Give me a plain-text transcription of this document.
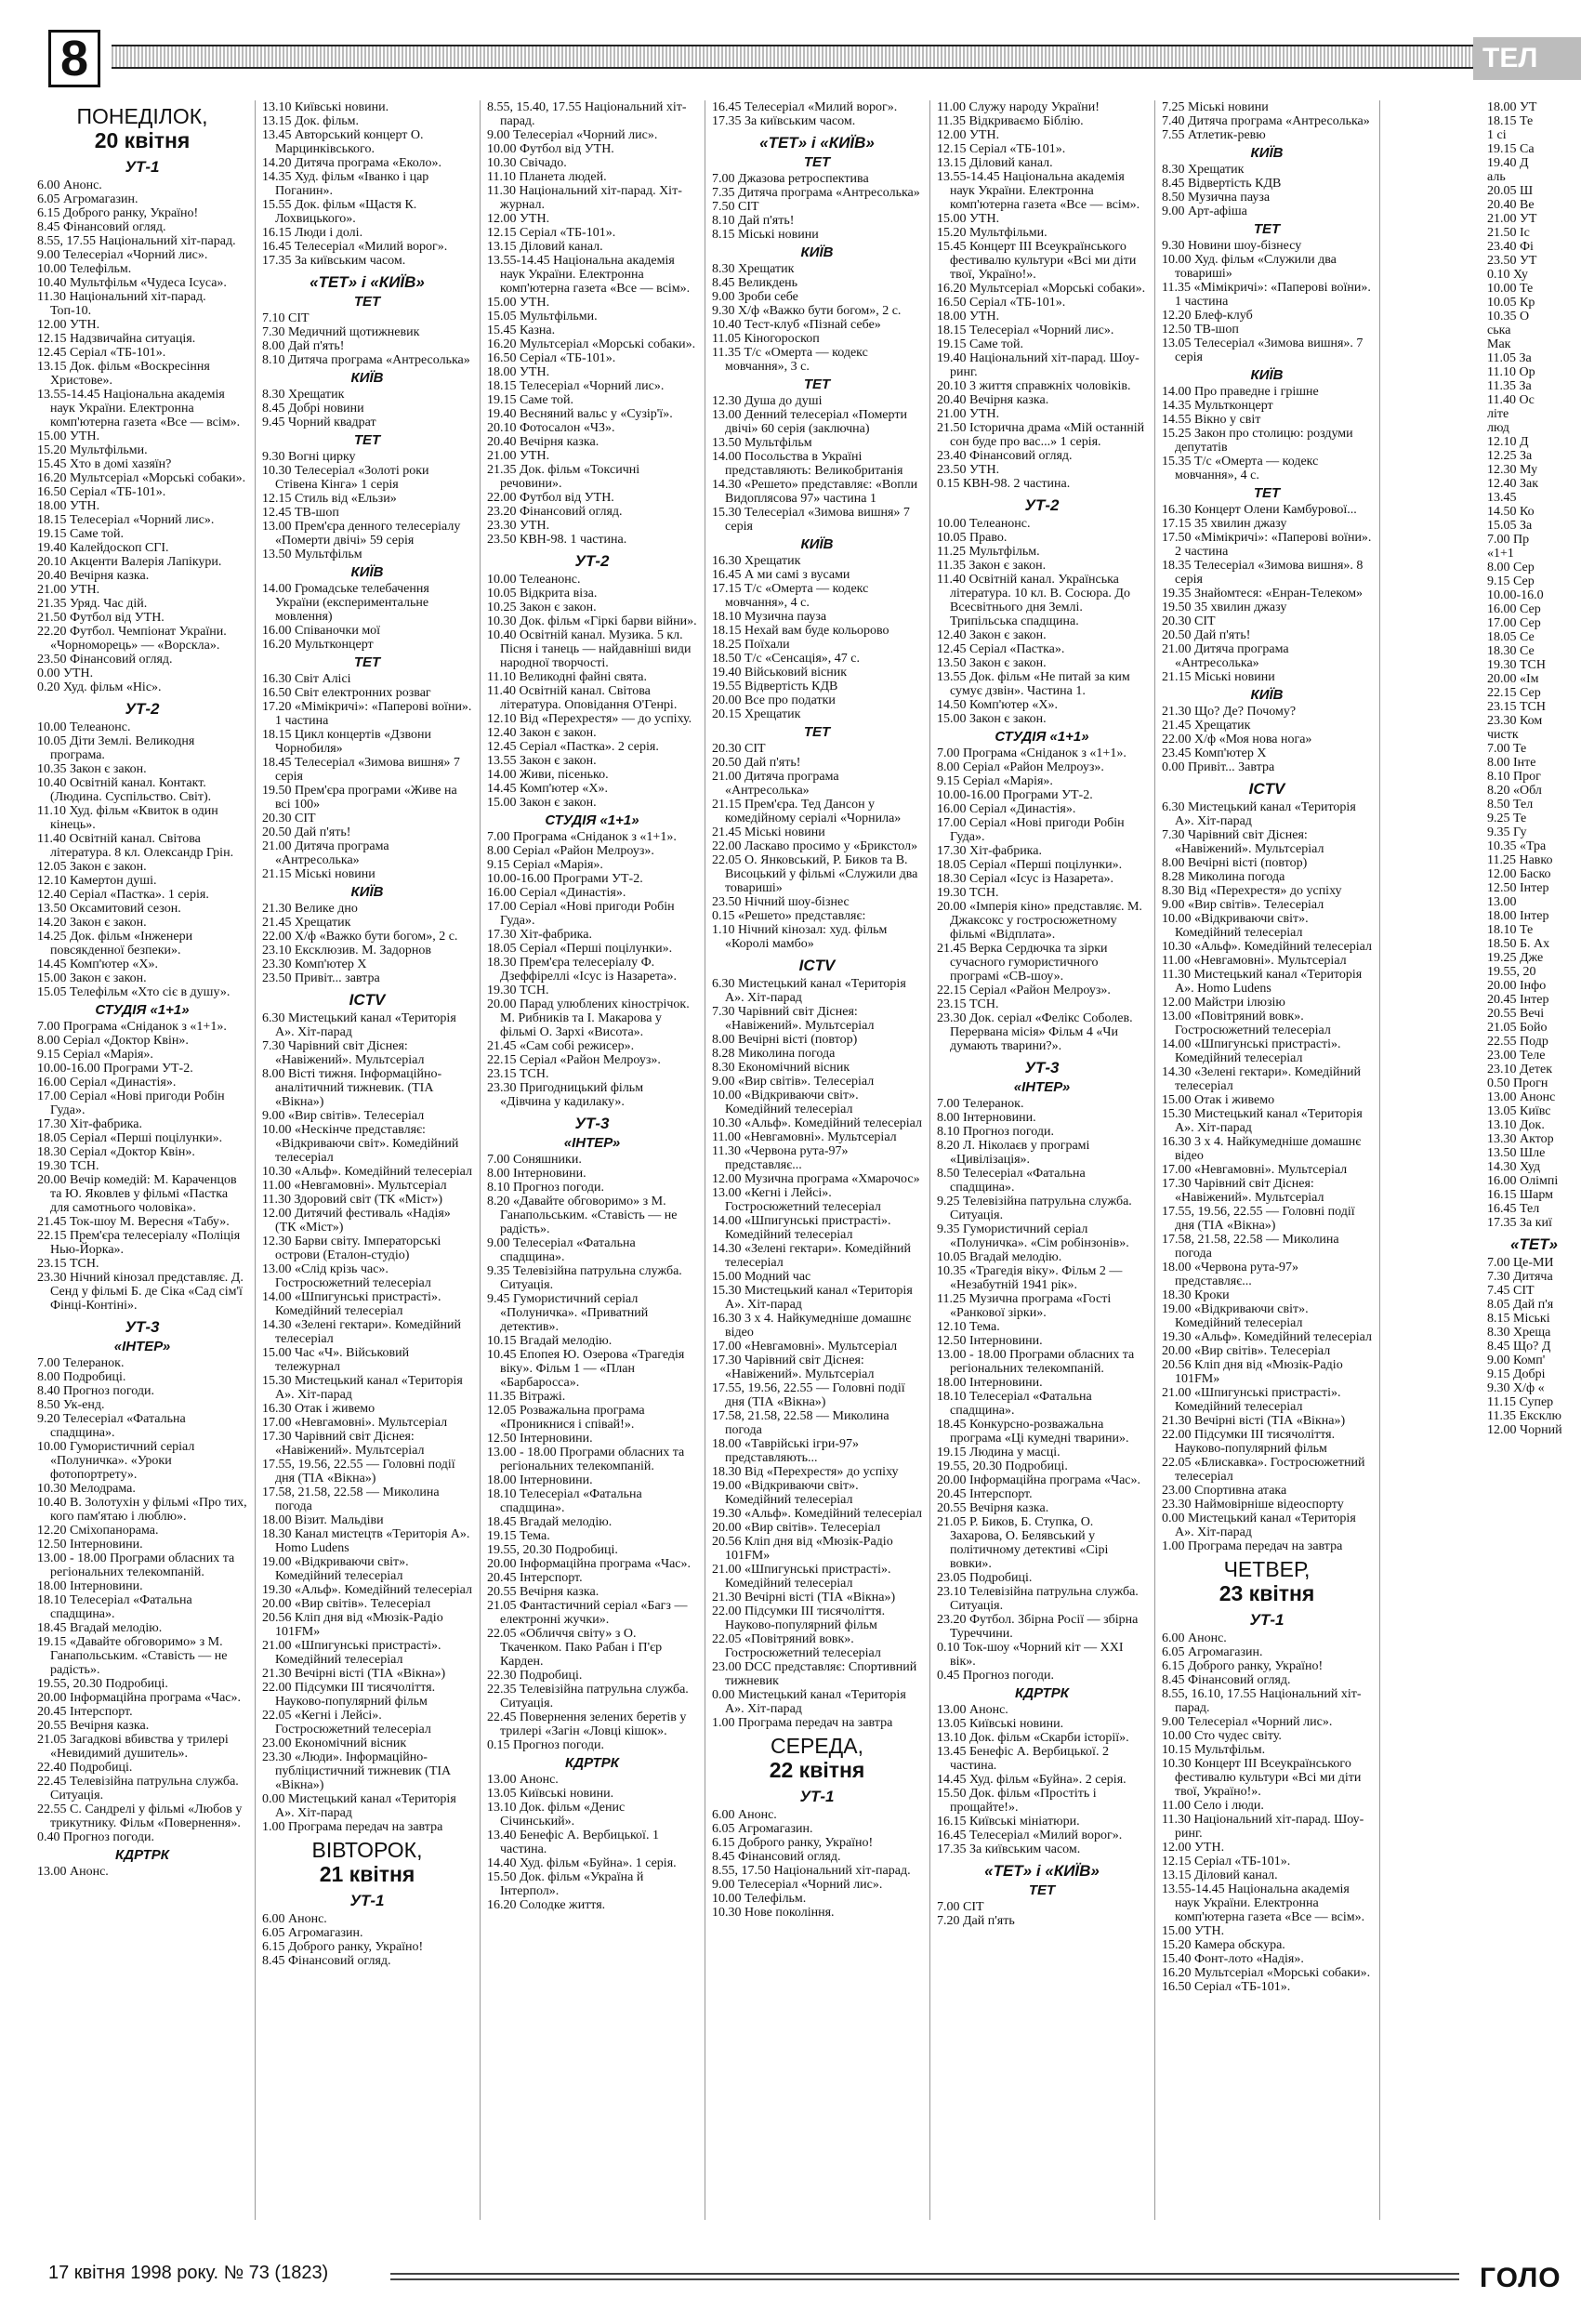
8	ТЕЛ
ПОНЕДІЛОК,
20 квітня
УТ-1
6.00 Анонс.
6.05 Агромагазин.
6.15 Доброго ранку, Україно!
8.45 Фінансовий огляд.
8.55, 17.55 Національний хіт-парад.
9.00 Телесеріал «Чорний лис».
10.00 Телефільм.
10.40 Мультфільм «Чудеса Ісуса».
11.30 Національний хіт-парад. Топ-10.
12.00 УТН.
12.15 Надзвичайна ситуація.
12.45 Серіал «ТБ-101».
13.15 Док. фільм «Воскресіння Христове».
13.55-14.45 Національна академія наук України. Електронна комп'ютерна газета «Все — всім».
15.00 УТН.
15.20 Мультфільми.
15.45 Хто в домі хазяїн?
16.20 Мультсеріал «Морські собаки».
16.50 Серіал «ТБ-101».
18.00 УТН.
18.15 Телесеріал «Чорний лис».
19.15 Саме той.
19.40 Калейдоскоп СГІ.
20.10 Акценти Валерія Лапікури.
20.40 Вечірня казка.
21.00 УТН.
21.35 Уряд. Час дій.
21.50 Футбол від УТН.
22.20 Футбол. Чемпіонат України. «Чорноморець» — «Ворскла».
23.50 Фінансовий огляд.
0.00 УТН.
0.20 Худ. фільм «Ніс».
УТ-2
10.00 Телеанонс.
10.05 Діти Землі. Великодня програма.
10.35 Закон є закон.
10.40 Освітній канал. Контакт.(Людина. Суспільство. Світ).
11.10 Худ. фільм «Квиток в один кінець».
11.40 Освітній канал. Світова література. 8 кл. Олександр Грін.
12.05 Закон є закон.
12.10 Камертон душі.
12.40 Серіал «Пастка». 1 серія.
13.50 Оксамитовий сезон.
14.20 Закон є закон.
14.25 Док. фільм «Інженери повсякденної безпеки».
14.45 Комп'ютер «Х».
15.00 Закон є закон.
15.05 Телефільм «Хто сіє в душу».
СТУДІЯ «1+1»
7.00 Програма «Сніданок з «1+1».
8.00 Серіал «Доктор Квін».
9.15 Серіал «Марія».
10.00-16.00 Програми УТ-2.
16.00 Серіал «Династія».
17.00 Серіал «Нові пригоди Робін Гуда».
17.30 Хіт-фабрика.
18.05 Серіал «Перші поцілунки».
18.30 Серіал «Доктор Квін».
19.30 ТСН.
20.00 Вечір комедій: М. Караченцов та Ю. Яковлев у фільмі «Пастка для самотнього чоловіка».
21.45 Ток-шоу М. Вересня «Табу».
22.15 Прем'єра телесеріалу «Поліція Нью-Йорка».
23.15 ТСН.
23.30 Нічний кінозал представляє. Д. Сенд у фільмі Б. де Сіка «Сад сім'ї Фінці-Контіні».
УТ-3
«ІНТЕР»
7.00 Телеранок.
8.00 Подробиці.
8.40 Прогноз погоди.
8.50 Ук-енд.
9.20 Телесеріал «Фатальна спадщина».
10.00 Гумористичний серіал «Полуничка». «Уроки фотопортрету».
10.30 Мелодрама.
10.40 В. Золотухін у фільмі «Про тих, кого пам'ятаю і люблю».
12.20 Сміхопанорама.
12.50 Інтерновини.
13.00 - 18.00 Програми обласних та регіональних телекомпаній.
18.00 Інтерновини.
18.10 Телесеріал «Фатальна спадщина».
18.45 Вгадай мелодію.
19.15 «Давайте обговоримо» з М. Ганапольським. «Ставість — не радість».
19.55, 20.30 Подробиці.
20.00 Інформаційна програма «Час».
20.45 Інтерспорт.
20.55 Вечірня казка.
21.05 Загадкові вбивства у трилері «Невидимий душитель».
22.40 Подробиці.
22.45 Телевізійна патрульна служба. Ситуація.
22.55 С. Сандрелі у фільмі «Любов у трикутнику. Фільм «Повернення».
0.40 Прогноз погоди.
КДРТРК
13.00 Анонс.
13.10 Київські новини.
13.15 Док. фільм.
13.45 Авторський концерт О. Марцинківського.
14.20 Дитяча програма «Еколо».
14.35 Худ. фільм «Іванко і цар Поганин».
15.55 Док. фільм «Щастя К. Лохвицького».
16.15 Люди і долі.
16.45 Телесеріал «Милий ворог».
17.35 За київським часом.
«ТЕТ» і «КИЇВ»
ТЕТ
7.10 СІТ
7.30 Медичний щотижневик
8.00 Дай п'ять!
8.10 Дитяча програма «Антресолька»
КИЇВ
8.30 Хрещатик
8.45 Добрі новини
9.45 Чорний квадрат
ТЕТ
9.30 Вогні цирку
10.30 Телесеріал «Золоті роки Стівена Кінга» 1 серія
12.15 Стиль від «Ельзи»
12.45 ТВ-шоп
13.00 Прем'єра денного телесеріалу «Померти двічі» 59 серія
13.50 Мультфільм
КИЇВ
14.00 Громадське телебачення України (експериментальне мовлення)
16.00 Співаночки мої
16.20 Мультконцерт
ТЕТ
16.30 Світ Алісі
16.50 Світ електронних розваг
17.20 «Мімікричі»: «Паперові воїни». 1 частина
18.15 Цикл концертів «Дзвони Чорнобиля»
18.45 Телесеріал «Зимова вишня» 7 серія
19.50 Прем'єра програми «Живе на всі 100»
20.30 СІТ
20.50 Дай п'ять!
21.00 Дитяча програма «Антресолька»
21.15 Міські новини
КИЇВ
21.30 Велике дно
21.45 Хрещатик
22.00 Х/ф «Важко бути богом», 2 с.
23.10 Ексклюзив. М. Задорнов
23.30 Комп'ютер X
23.50 Привіт... завтра
ICTV
6.30 Мистецький канал «Територія А». Хіт-парад
7.30 Чарівний світ Діснея: «Навіжений». Мультсеріал
8.00 Вісті тижня. Інформаційно-аналітичний тижневик. (ТІА «Вікна»)
9.00 «Вир світів». Телесеріал
10.00 «Нескінче представляє: «Відкриваючи світ». Комедійний телесеріал
10.30 «Альф». Комедійний телесеріал
11.00 «Невгамовні». Мультсеріал
11.30 Здоровий світ (ТК «Міст»)
12.00 Дитячий фестиваль «Надія» (ТК «Міст»)
12.30 Барви світу. Імператорські острови (Еталон-студіо)
13.00 «Слід крізь час». Гостросюжетний телесеріал
14.00 «Шпигунські пристрасті». Комедійний телесеріал
14.30 «Зелені гектари». Комедійний телесеріал
15.00 Час «Ч». Військовий тележурнал
15.30 Мистецький канал «Територія А». Хіт-парад
16.30 Отак і живемо
17.00 «Невгамовні». Мультсеріал
17.30 Чарівний світ Діснея: «Навіжений». Мультсеріал
17.55, 19.56, 22.55 — Головні події дня (ТІА «Вікна»)
17.58, 21.58, 22.58 — Миколина погода
18.00 Візит. Мальдіви
18.30 Канал мистецтв «Територія А». Homo Ludens
19.00 «Відкриваючи світ». Комедійний телесеріал
19.30 «Альф». Комедійний телесеріал
20.00 «Вир світів». Телесеріал
20.56 Кліп дня від «Мюзік-Радіо 101FM»
21.00 «Шпигунські пристрасті». Комедійний телесеріал
21.30 Вечірні вісті (ТІА «Вікна»)
22.00 Підсумки III тисячоліття. Науково-популярний фільм
22.05 «Кегні і Лейсі». Гостросюжетний телесеріал
23.00 Економічний вісник
23.30 «Люди». Інформаційно-публіцистичний тижневик (ТІА «Вікна»)
0.00 Мистецький канал «Територія А». Хіт-парад
1.00 Програма передач на завтра
ВІВТОРОК,
21 квітня
УТ-1
6.00 Анонс.
6.05 Агромагазин.
6.15 Доброго ранку, Україно!
8.45 Фінансовий огляд.
8.55, 15.40, 17.55 Національний хіт-парад.
9.00 Телесеріал «Чорний лис».
10.00 Футбол від УТН.
10.30 Свічадо.
11.10 Планета людей.
11.30 Національний хіт-парад. Хіт-журнал.
12.00 УТН.
12.15 Серіал «ТБ-101».
13.15 Діловий канал.
13.55-14.45 Національна академія наук України. Електронна комп'ютерна газета «Все — всім».
15.00 УТН.
15.05 Мультфільми.
15.45 Казна.
16.20 Мультсеріал «Морські собаки».
16.50 Серіал «ТБ-101».
18.00 УТН.
18.15 Телесеріал «Чорний лис».
19.15 Саме той.
19.40 Весняний вальс у «Сузір'ї».
20.10 Фотосалон «ЧЗ».
20.40 Вечірня казка.
21.00 УТН.
21.35 Док. фільм «Токсичні речовини».
22.00 Футбол від УТН.
23.20 Фінансовий огляд.
23.30 УТН.
23.50 КВН-98. 1 частина.
УТ-2
10.00 Телеанонс.
10.05 Відкрита віза.
10.25 Закон є закон.
10.30 Док. фільм «Гіркі барви війни».
10.40 Освітній канал. Музика. 5 кл. Пісня і танець — найдавніші види народної творчості.
11.10 Великодні файні свята.
11.40 Освітній канал. Світова література. Оповідання О'Генрі.
12.10 Від «Перехрестя» — до успіху.
12.40 Закон є закон.
12.45 Серіал «Пастка». 2 серія.
13.55 Закон є закон.
14.00 Живи, пісенько.
14.45 Комп'ютер «Х».
15.00 Закон є закон.
СТУДІЯ «1+1»
7.00 Програма «Сніданок з «1+1».
8.00 Серіал «Район Мелроуз».
9.15 Серіал «Марія».
10.00-16.00 Програми УТ-2.
16.00 Серіал «Династія».
17.00 Серіал «Нові пригоди Робін Гуда».
17.30 Хіт-фабрика.
18.05 Серіал «Перші поцілунки».
18.30 Прем'єра телесеріалу Ф. Дзеффіреллі «Ісус із Назарета».
19.30 ТСН.
20.00 Парад улюблених кінострічок. М. Рибників та І. Макарова у фільмі О. Зархі «Висота».
21.45 «Сам собі режисер».
22.15 Серіал «Район Мелроуз».
23.15 ТСН.
23.30 Пригодницький фільм «Дівчина у кадилаку».
УТ-3
«ІНТЕР»
7.00 Соняшники.
8.00 Інтерновини.
8.10 Прогноз погоди.
8.20 «Давайте обговоримо» з М. Ганапольським. «Ставість — не радість».
9.00 Телесеріал «Фатальна спадщина».
9.35 Телевізійна патрульна служба. Ситуація.
9.45 Гумористичний серіал «Полуничка». «Приватний детектив».
10.15 Вгадай мелодію.
10.45 Епопея Ю. Озерова «Трагедія віку». Фільм 1 — «План «Барбаросса».
11.35 Вітражі.
12.05 Розважальна програма «Проникнися і співай!».
12.50 Інтерновини.
13.00 - 18.00 Програми обласних та регіональних телекомпаній.
18.00 Інтерновини.
18.10 Телесеріал «Фатальна спадщина».
18.45 Вгадай мелодію.
19.15 Тема.
19.55, 20.30 Подробиці.
20.00 Інформаційна програма «Час».
20.45 Інтерспорт.
20.55 Вечірня казка.
21.05 Фантастичний серіал «Багз — електронні жучки».
22.05 «Обличчя світу» з О. Ткаченком. Пако Рабан і П'єр Карден.
22.30 Подробиці.
22.35 Телевізійна патрульна служба. Ситуація.
22.45 Повернення зелених беретів у трилері «Загін «Ловці кішок».
0.15 Прогноз погоди.
КДРТРК
13.00 Анонс.
13.05 Київські новини.
13.10 Док. фільм «Денис Січинський».
13.40 Бенефіс А. Вербицької. 1 частина.
14.40 Худ. фільм «Буйна». 1 серія.
15.50 Док. фільм «Україна й Інтерпол».
16.20 Солодке життя.
16.45 Телесеріал «Милий ворог».
17.35 За київським часом.
«ТЕТ» і «КИЇВ»
ТЕТ
7.00 Джазова ретроспектива
7.35 Дитяча програма «Антресолька»
7.50 СІТ
8.10 Дай п'ять!
8.15 Міські новини
КИЇВ
8.30 Хрещатик
8.45 Великдень
9.00 Зроби себе
9.30 Х/ф «Важко бути богом», 2 с.
10.40 Тест-клуб «Пізнай себе»
11.05 Кіногороскоп
11.35 Т/с «Омерта — кодекс мовчання», 3 с.
ТЕТ
12.30 Душа до душі
13.00 Денний телесеріал «Померти двічі» 60 серія (заключна)
13.50 Мультфільм
14.00 Посольства в Україні представляють: Великобританія
14.30 «Решето» представляє: «Вопли Видоплясова 97» частина 1
15.30 Телесеріал «Зимова вишня» 7 серія
КИЇВ
16.30 Хрещатик
16.45 А ми самі з вусами
17.15 Т/с «Омерта — кодекс мовчання», 4 с.
18.10 Музична пауза
18.15 Нехай вам буде кольорово
18.25 Поїхали
18.50 Т/с «Сенсація», 47 с.
19.40 Військовий вісник
19.55 Відвертість КДВ
20.00 Все про податки
20.15 Хрещатик
ТЕТ
20.30 СІТ
20.50 Дай п'ять!
21.00 Дитяча програма «Антресолька»
21.15 Прем'єра. Тед Дансон у комедійному серіалі «Чорнила»
21.45 Міські новини
22.00 Ласкаво просимо у «Брикстол»
22.05 О. Янковський, Р. Биков та В. Висоцький у фільмі «Служили два товариші»
23.50 Нічний шоу-бізнес
0.15 «Решето» представляє:
1.10 Нічний кінозал: худ. фільм «Королі мамбо»
ICTV
6.30 Мистецький канал «Територія А». Хіт-парад
7.30 Чарівний світ Діснея: «Навіжений». Мультсеріал
8.00 Вечірні вісті (повтор)
8.28 Миколина погода
8.30 Економічний вісник
9.00 «Вир світів». Телесеріал
10.00 «Відкриваючи світ». Комедійний телесеріал
10.30 «Альф». Комедійний телесеріал
11.00 «Невгамовні». Мультсеріал
11.30 «Червона рута-97» представляє...
12.00 Музична програма «Хмарочос»
13.00 «Кегні і Лейсі». Гостросюжетний телесеріал
14.00 «Шпигунські пристрасті». Комедійний телесеріал
14.30 «Зелені гектари». Комедійний телесеріал
15.00 Модний час
15.30 Мистецький канал «Територія А». Хіт-парад
16.30 3 х 4. Найкумедніше домашнє відео
17.00 «Невгамовні». Мультсеріал
17.30 Чарівний світ Діснея: «Навіжений». Мультсеріал
17.55, 19.56, 22.55 — Головні події дня (ТІА «Вікна»)
17.58, 21.58, 22.58 — Миколина погода
18.00 «Таврійські ігри-97» представляють...
18.30 Від «Перехрестя» до успіху
19.00 «Відкриваючи світ». Комедійний телесеріал
19.30 «Альф». Комедійний телесеріал
20.00 «Вир світів». Телесеріал
20.56 Кліп дня від «Мюзік-Радіо 101FM»
21.00 «Шпигунські пристрасті». Комедійний телесеріал
21.30 Вечірні вісті (ТІА «Вікна»)
22.00 Підсумки III тисячоліття. Науково-популярний фільм
22.05 «Повітряний вовк». Гостросюжетний телесеріал
23.00 DCC представляє: Спортивний тижневик
0.00 Мистецький канал «Територія А». Хіт-парад
1.00 Програма передач на завтра
СЕРЕДА,
22 квітня
УТ-1
6.00 Анонс.
6.05 Агромагазин.
6.15 Доброго ранку, Україно!
8.45 Фінансовий огляд.
8.55, 17.50 Національний хіт-парад.
9.00 Телесеріал «Чорний лис».
10.00 Телефільм.
10.30 Нове покоління.
11.00 Служу народу України!
11.35 Відкриваємо Біблію.
12.00 УТН.
12.15 Серіал «ТБ-101».
13.15 Діловий канал.
13.55-14.45 Національна академія наук України. Електронна комп'ютерна газета «Все — всім».
15.00 УТН.
15.20 Мультфільми.
15.45 Концерт III Всеукраїнського фестивалю культури «Всі ми діти твої, Україно!».
16.20 Мультсеріал «Морські собаки».
16.50 Серіал «ТБ-101».
18.00 УТН.
18.15 Телесеріал «Чорний лис».
19.15 Саме той.
19.40 Національний хіт-парад. Шоу-ринг.
20.10 3 життя справжніх чоловіків.
20.40 Вечірня казка.
21.00 УТН.
21.50 Історична драма «Мій останній сон буде про вас...» 1 серія.
23.40 Фінансовий огляд.
23.50 УТН.
0.15 КВН-98. 2 частина.
УТ-2
10.00 Телеанонс.
10.05 Право.
11.25 Мультфільм.
11.35 Закон є закон.
11.40 Освітній канал. Українська література. 10 кл. В. Сосюра. До Всесвітнього дня Землі. Трипільська спадщина.
12.40 Закон є закон.
12.45 Серіал «Пастка».
13.50 Закон є закон.
13.55 Док. фільм «Не питай за ким сумує дзвін». Частина 1.
14.50 Комп'ютер «Х».
15.00 Закон є закон.
СТУДІЯ «1+1»
7.00 Програма «Сніданок з «1+1».
8.00 Серіал «Район Мелроуз».
9.15 Серіал «Марія».
10.00-16.00 Програми УТ-2.
16.00 Серіал «Династія».
17.00 Серіал «Нові пригоди Робін Гуда».
17.30 Хіт-фабрика.
18.05 Серіал «Перші поцілунки».
18.30 Серіал «Ісус із Назарета».
19.30 ТСН.
20.00 «Імперія кіно» представляє. М. Джаксокс у гостросюжетному фільмі «Відплата».
21.45 Верка Сердючка та зірки сучасного гумористичного програмі «СВ-шоу».
22.15 Серіал «Район Мелроуз».
23.15 ТСН.
23.30 Док. серіал «Фелікс Соболев. Перервана місія» Фільм 4 «Чи думають тварини?».
УТ-3
«ІНТЕР»
7.00 Телеранок.
8.00 Інтерновини.
8.10 Прогноз погоди.
8.20 Л. Ніколаєв у програмі «Цивілізація».
8.50 Телесеріал «Фатальна спадщина».
9.25 Телевізійна патрульна служба. Ситуація.
9.35 Гумористичний серіал «Полуничка». «Сім робінзонів».
10.05 Вгадай мелодію.
10.35 «Трагедія віку». Фільм 2 — «Незабутній 1941 рік».
11.25 Музична програма «Гості «Ранкової зірки».
12.10 Тема.
12.50 Інтерновини.
13.00 - 18.00 Програми обласних та регіональних телекомпаній.
18.00 Інтерновини.
18.10 Телесеріал «Фатальна спадщина».
18.45 Конкурсно-розважальна програма «Ці кумедні тварини».
19.15 Людина у масці.
19.55, 20.30 Подробиці.
20.00 Інформаційна програма «Час».
20.45 Інтерспорт.
20.55 Вечірня казка.
21.05 Р. Биков, Б. Ступка, О. Захарова, О. Белявський у політичному детективі «Сірі вовки».
23.05 Подробиці.
23.10 Телевізійна патрульна служба. Ситуація.
23.20 Футбол. Збірна Росії — збірна Туреччини.
0.10 Ток-шоу «Чорний кіт — XXI вік».
0.45 Прогноз погоди.
КДРТРК
13.00 Анонс.
13.05 Київські новини.
13.10 Док. фільм «Скарби історії».
13.45 Бенефіс А. Вербицької. 2 частина.
14.45 Худ. фільм «Буйна». 2 серія.
15.50 Док. фільм «Простіть і прощайте!».
16.15 Київські мініатюри.
16.45 Телесеріал «Милий ворог».
17.35 За київським часом.
«ТЕТ» і «КИЇВ»
ТЕТ
7.00 СІТ
7.20 Дай п'ять
7.25 Міські новини
7.40 Дитяча програма «Антресолька»
7.55 Атлетик-ревю
КИЇВ
8.30 Хрещатик
8.45 Відвертість КДВ
8.50 Музична пауза
9.00 Арт-афіша
ТЕТ
9.30 Новини шоу-бізнесу
10.00 Худ. фільм «Служили два товариші»
11.35 «Мімікричі»: «Паперові воїни». 1 частина
12.20 Блеф-клуб
12.50 ТВ-шоп
13.05 Телесеріал «Зимова вишня». 7 серія
КИЇВ
14.00 Про праведне і грішне
14.35 Мультконцерт
14.55 Вікно у світ
15.25 Закон про столицю: роздуми депутатів
15.35 Т/с «Омерта — кодекс мовчання», 4 с.
ТЕТ
16.30 Концерт Олени Камбурової...
17.15 35 хвилин джазу
17.50 «Мімікричі»: «Паперові воїни». 2 частина
18.35 Телесеріал «Зимова вишня». 8 серія
19.35 Знайомтеся: «Енран-Телеком»
19.50 35 хвилин джазу
20.30 СІТ
20.50 Дай п'ять!
21.00 Дитяча програма «Антресолька»
21.15 Міські новини
КИЇВ
21.30 Що? Де? Почому?
21.45 Хрещатик
22.00 Х/ф «Моя нова нога»
23.45 Комп'ютер X
0.00 Привіт... Завтра
ICTV
6.30 Мистецький канал «Територія А». Хіт-парад
7.30 Чарівний світ Діснея: «Навіжений». Мультсеріал
8.00 Вечірні вісті (повтор)
8.28 Миколина погода
8.30 Від «Перехрестя» до успіху
9.00 «Вир світів». Телесеріал
10.00 «Відкриваючи світ». Комедійний телесеріал
10.30 «Альф». Комедійний телесеріал
11.00 «Невгамовні». Мультсеріал
11.30 Мистецький канал «Територія А». Homo Ludens
12.00 Майстри ілюзію
13.00 «Повітряний вовк». Гостросюжетний телесеріал
14.00 «Шпигунські пристрасті». Комедійний телесеріал
14.30 «Зелені гектари». Комедійний телесеріал
15.00 Отак і живемо
15.30 Мистецький канал «Територія А». Хіт-парад
16.30 3 х 4. Найкумедніше домашнє відео
17.00 «Невгамовні». Мультсеріал
17.30 Чарівний світ Діснея: «Навіжений». Мультсеріал
17.55, 19.56, 22.55 — Головні події дня (ТІА «Вікна»)
17.58, 21.58, 22.58 — Миколина погода
18.00 «Червона рута-97» представляє...
18.30 Кроки
19.00 «Відкриваючи світ». Комедійний телесеріал
19.30 «Альф». Комедійний телесеріал
20.00 «Вир світів». Телесеріал
20.56 Кліп дня від «Мюзік-Радіо 101FM»
21.00 «Шпигунські пристрасті». Комедійний телесеріал
21.30 Вечірні вісті (ТІА «Вікна»)
22.00 Підсумки III тисячоліття. Науково-популярний фільм
22.05 «Блискавка». Гостросюжетний телесеріал
23.00 Спортивна атака
23.30 Наймовірніше відеоспорту
0.00 Мистецький канал «Територія А». Хіт-парад
1.00 Програма передач на завтра
ЧЕТВЕР,
23 квітня
УТ-1
6.00 Анонс.
6.05 Агромагазин.
6.15 Доброго ранку, Україно!
8.45 Фінансовий огляд.
8.55, 16.10, 17.55 Національний хіт-парад.
9.00 Телесеріал «Чорний лис».
10.00 Сто чудес світу.
10.15 Мультфільм.
10.30 Концерт III Всеукраїнського фестивалю культури «Всі ми діти твої, Україно!».
11.00 Село і люди.
11.30 Національний хіт-парад. Шоу-ринг.
12.00 УТН.
12.15 Серіал «ТБ-101».
13.15 Діловий канал.
13.55-14.45 Національна академія наук України. Електронна комп'ютерна газета «Все — всім».
15.00 УТН.
15.20 Камера обскура.
15.40 Фонт-лото «Надія».
16.20 Мультсеріал «Морські собаки».
16.50 Серіал «ТБ-101».
18.00 УТ
18.15 Те
1 сі
19.15 Са
19.40 Д
аль
20.05 Ш
20.40 Ве
21.00 УТ
21.50 Іс
23.40 Фі
23.50 УТ
0.10 Ху
10.00 Те
10.05 Кр
10.35 О
ська
Мак
11.05 За
11.10 Ор
11.35 За
11.40 Ос
літе
люд
12.10 Д
12.25 За
12.30 Му
12.40 Зак
13.45
14.50 Ко
15.05 За
7.00 Пр
«1+1
8.00 Сер
9.15 Сер
10.00-16.0
16.00 Сер
17.00 Сер
18.05 Се
18.30 Се
19.30 ТСН
20.00 «Ім
22.15 Сер
23.15 ТСН
23.30 Ком
чистк
7.00 Те
8.00 Інте
8.10 Прог
8.20 «Обл
8.50 Тел
9.25 Те
9.35 Гу
10.35 «Тра
11.25 Навко
12.00 Баско
12.50 Інтер
13.00
18.00 Інтер
18.10 Те
18.50 Б. Ах
19.25 Дже
19.55, 20
20.00 Інфо
20.45 Інтер
20.55 Вечі
21.05 Бойо
22.55 Подр
23.00 Теле
23.10 Детек
0.50 Прогн
13.00 Анонс
13.05 Київс
13.10 Док.
13.30 Актор
13.50 Шле
14.30 Худ
16.00 Олімпі
16.15 Шарм
16.45 Тел
17.35 За киї
«ТЕТ»
7.00 Це-МИ
7.30 Дитяча
7.45 СІТ
8.05 Дай п'я
8.15 Міські
8.30 Хреща
8.45 Що? Д
9.00 Комп'
9.15 Добрі
9.30 Х/ф «
11.15 Супер
11.35 Ексклю
12.00 Чорний
17 квітня 1998 року. № 73 (1823)	ГОЛО
